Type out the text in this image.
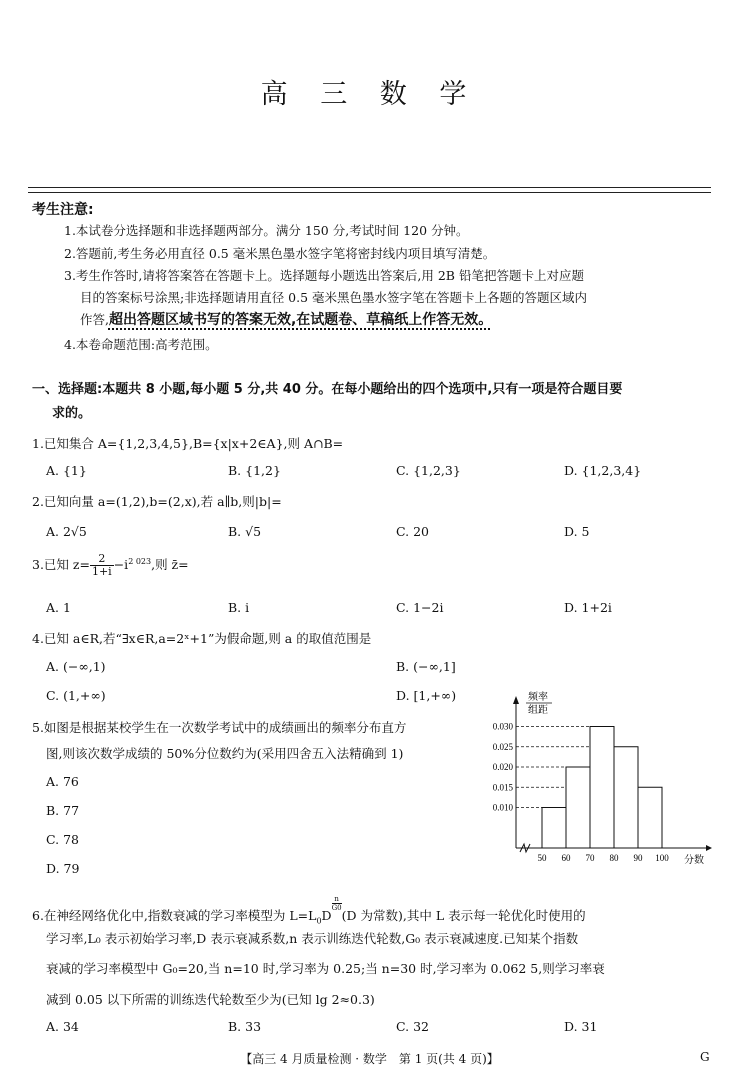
高 三 数 学
考生注意:
1.本试卷分选择题和非选择题两部分。满分 150 分,考试时间 120 分钟。
2.答题前,考生务必用直径 0.5 毫米黑色墨水签字笔将密封线内项目填写清楚。
3.考生作答时,请将答案答在答题卡上。选择题每小题选出答案后,用 2B 铅笔把答题卡上对应题
目的答案标号涂黑;非选择题请用直径 0.5 毫米黑色墨水签字笔在答题卡上各题的答题区域内
作答,超出答题区域书写的答案无效,在试题卷、草稿纸上作答无效。
4.本卷命题范围:高考范围。
一、选择题:本题共 8 小题,每小题 5 分,共 40 分。在每小题给出的四个选项中,只有一项是符合题目要
求的。
1.已知集合 A={1,2,3,4,5},B={x|x+2∈A},则 A∩B=
A. {1}	B. {1,2}	C. {1,2,3}	D. {1,2,3,4}
2.已知向量 a=(1,2),b=(2,x),若 a∥b,则|b|=
A. 2√5	B. √5	C. 20	D. 5
3.已知 $z= \frac{2}{1+i} -i^{2 023}$,则 z̄=
A. 1	B. i	C. 1−2i	D. 1+2i
4.已知 a∈R,若“∃x∈R,a=2ˣ+1”为假命题,则 a 的取值范围是
A. (−∞,1)	B. (−∞,1]
C. (1,+∞)	D. [1,+∞)
5.如图是根据某校学生在一次数学考试中的成绩画出的频率分布直方
图,则该次数学成绩的 50%分位数约为(采用四舍五入法精确到 1)
A. 76
B. 77
C. 78
D. 79
频率
组距
0.010
0.015
0.020
0.025
0.030
50 60 70 80 90 100 分数
6.在神经网络优化中,指数衰减的学习率模型为 $L=L_0D$
$^{\frac{n}{G0}}$
(D 为常数),其中 L 表示每一轮优化时使用的
学习率,L₀ 表示初始学习率,D 表示衰减系数,n 表示训练迭代轮数,G₀ 表示衰减速度.已知某个指数
衰减的学习率模型中 G₀=20,当 n=10 时,学习率为 0.25;当 n=30 时,学习率为 0.062 5,则学习率衰
减到 0.05 以下所需的训练迭代轮数至少为(已知 lg 2≈0.3)
A. 34	B. 33	C. 32	D. 31
【高三 4 月质量检测 · 数学　第 1 页(共 4 页)】	G
